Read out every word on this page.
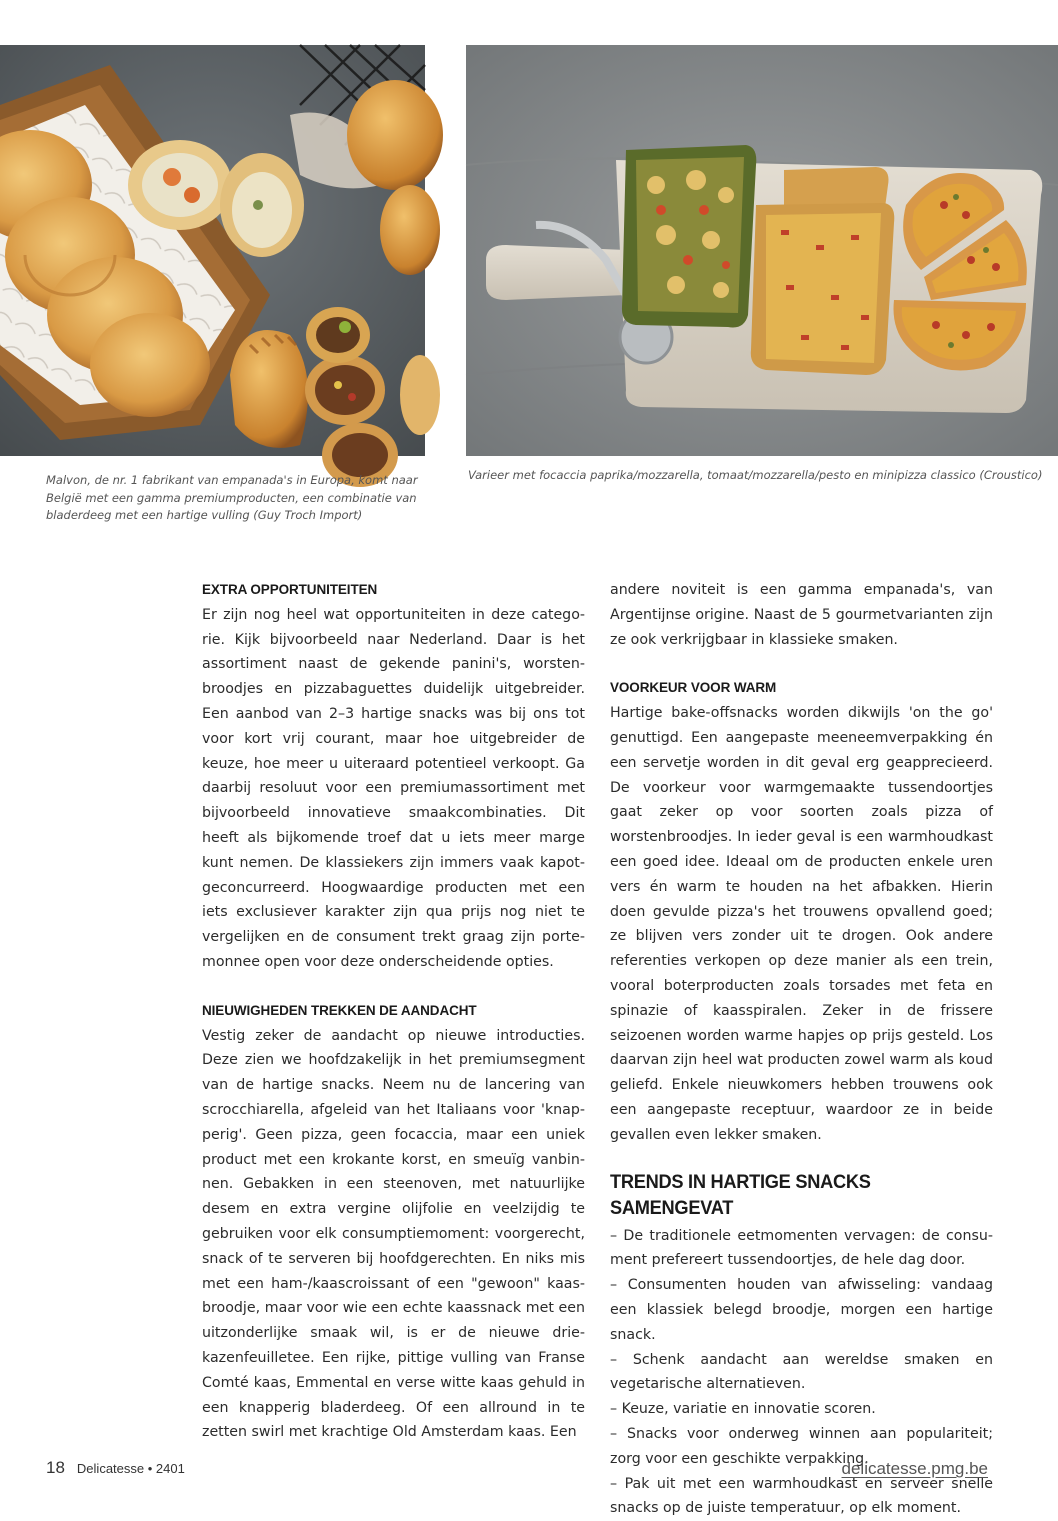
Malvon, de nr. 1 fabrikant van empanada's in Europa, komt naar België met een gamma premiumproducten, een combinatie van bladerdeeg met een hartige vulling (Guy Troch Import)

Varieer met focaccia paprika/mozzarella, tomaat/mozzarella/pesto en minipizza classico (Croustico)

EXTRA OPPORTUNITEITEN

Er zijn nog heel wat opportuniteiten in deze categorie. Kijk bijvoorbeeld naar Nederland. Daar is het assortiment naast de gekende panini's, worstenbroodjes en pizzabaguettes duidelijk uitgebreider. Een aanbod van 2–3 hartige snacks was bij ons tot voor kort vrij courant, maar hoe uitgebreider de keuze, hoe meer u uiteraard potentieel verkoopt. Ga daarbij resoluut voor een premiumassortiment met bijvoorbeeld innovatieve smaakcombinaties. Dit heeft als bijkomende troef dat u iets meer marge kunt nemen. De klassiekers zijn immers vaak kapotgeconcurreerd. Hoogwaardige producten met een iets exclusiever karakter zijn qua prijs nog niet te vergelijken en de consument trekt graag zijn portemonnee open voor deze onderscheidende opties.

NIEUWIGHEDEN TREKKEN DE AANDACHT

Vestig zeker de aandacht op nieuwe introducties. Deze zien we hoofdzakelijk in het premiumsegment van de hartige snacks. Neem nu de lancering van scrocchiarella, afgeleid van het Italiaans voor 'knapperig'. Geen pizza, geen focaccia, maar een uniek product met een krokante korst, en smeuïg vanbinnen. Gebakken in een steenoven, met natuurlijke desem en extra vergine olijfolie en veelzijdig te gebruiken voor elk consumptiemoment: voorgerecht, snack of te serveren bij hoofdgerechten. En niks mis met een ham-/kaascroissant of een "gewoon" kaasbroodje, maar voor wie een echte kaassnack met een uitzonderlijke smaak wil, is er de nieuwe driekazenfeuilletee. Een rijke, pittige vulling van Franse Comté kaas, Emmental en verse witte kaas gehuld in een knapperig bladerdeeg. Of een allround in te zetten swirl met krachtige Old Amsterdam kaas. Een

andere noviteit is een gamma empanada's, van Argentijnse origine. Naast de 5 gourmetvarianten zijn ze ook verkrijgbaar in klassieke smaken.

VOORKEUR VOOR WARM

Hartige bake-offsnacks worden dikwijls 'on the go' genuttigd. Een aangepaste meeneemverpakking én een servetje worden in dit geval erg geapprecieerd. De voorkeur voor warmgemaakte tussendoortjes gaat zeker op voor soorten zoals pizza of worstenbroodjes. In ieder geval is een warmhoudkast een goed idee. Ideaal om de producten enkele uren vers én warm te houden na het afbakken. Hierin doen gevulde pizza's het trouwens opvallend goed; ze blijven vers zonder uit te drogen. Ook andere referenties verkopen op deze manier als een trein, vooral boterproducten zoals torsades met feta en spinazie of kaasspiralen. Zeker in de frissere seizoenen worden warme hapjes op prijs gesteld. Los daarvan zijn heel wat producten zowel warm als koud geliefd. Enkele nieuwkomers hebben trouwens ook een aangepaste receptuur, waardoor ze in beide gevallen even lekker smaken.

TRENDS IN HARTIGE SNACKS SAMENGEVAT

– De traditionele eetmomenten vervagen: de consument prefereert tussendoortjes, de hele dag door.

– Consumenten houden van afwisseling: vandaag een klassiek belegd broodje, morgen een hartige snack.

– Schenk aandacht aan wereldse smaken en vegetarische alternatieven.

– Keuze, variatie en innovatie scoren.

– Snacks voor onderweg winnen aan populariteit; zorg voor een geschikte verpakking.

– Pak uit met een warmhoudkast en serveer snelle snacks op de juiste temperatuur, op elk moment.

18 Delicatesse • 2401	delicatesse.pmg.be
